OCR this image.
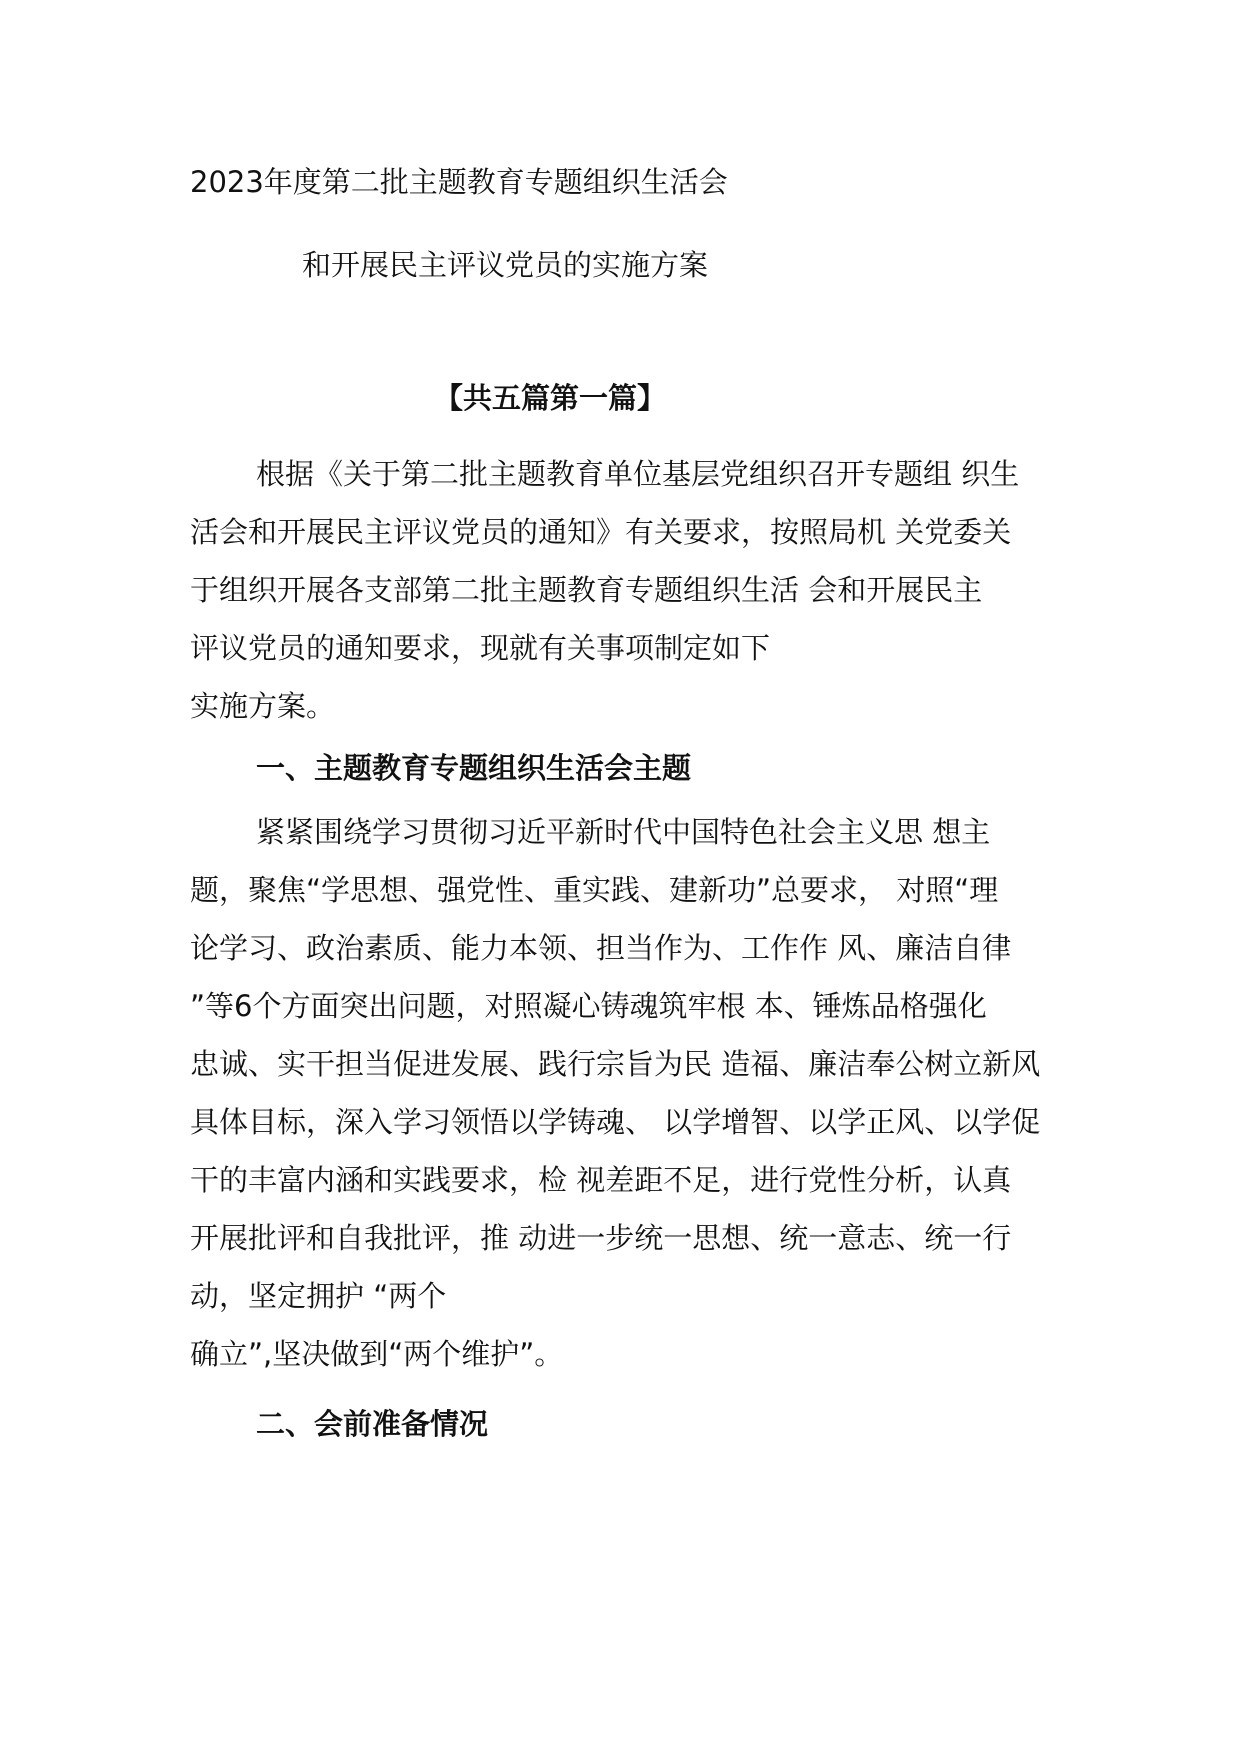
2023年度第二批主题教育专题组织生活会
和开展民主评议党员的实施方案
【共五篇第一篇】
根据《关于第二批主题教育单位基层党组织召开专题组 织生
活会和开展民主评议党员的通知》有关要求，按照局机 关党委关
于组织开展各支部第二批主题教育专题组织生活 会和开展民主
评议党员的通知要求，现就有关事项制定如下
实施方案。
一、主题教育专题组织生活会主题
紧紧围绕学习贯彻习近平新时代中国特色社会主义思 想主
题，聚焦“学思想、强党性、重实践、建新功”总要求， 对照“理
论学习、政治素质、能力本领、担当作为、工作作 风、廉洁自律
”等6个方面突出问题，对照凝心铸魂筑牢根 本、锤炼品格强化
忠诚、实干担当促进发展、践行宗旨为民 造福、廉洁奉公树立新风
具体目标，深入学习领悟以学铸魂、 以学增智、以学正风、以学促
干的丰富内涵和实践要求，检 视差距不足，进行党性分析，认真
开展批评和自我批评，推 动进一步统一思想、统一意志、统一行
动，坚定拥护 “两个
确立”,坚决做到“两个维护”。
二、会前准备情况
